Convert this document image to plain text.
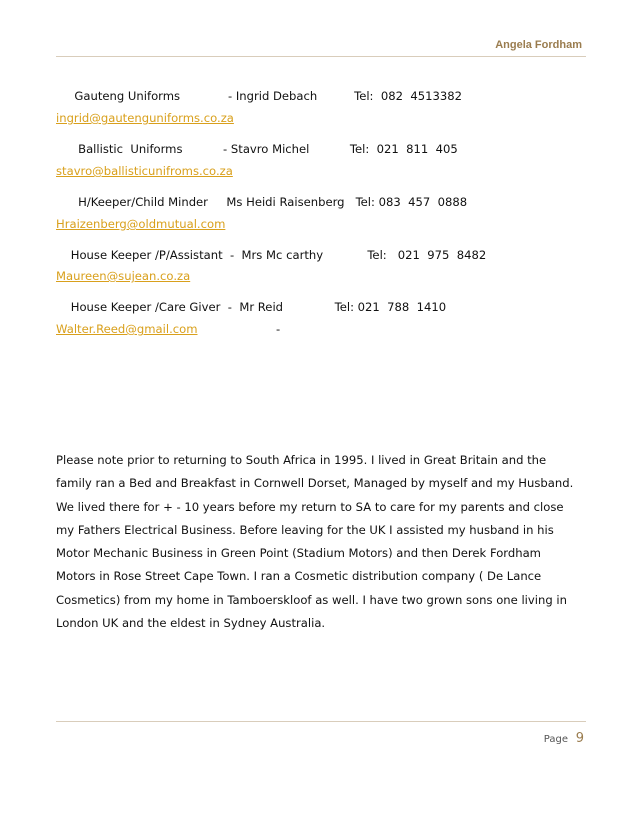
Angela Fordham
Gauteng Uniforms             - Ingrid Debach          Tel:  082  4513382
ingrid@gautenguniforms.co.za
Ballistic  Uniforms           - Stavro Michel           Tel:  021  811  405
stavro@ballisticunifroms.co.za
H/Keeper/Child Minder     Ms Heidi Raisenberg   Tel: 083  457  0888
Hraizenberg@oldmutual.com
House Keeper /P/Assistant  -  Mrs Mc carthy            Tel:   021  975  8482
Maureen@sujean.co.za
House Keeper /Care Giver  -  Mr Reid              Tel: 021  788  1410
Walter.Reed@gmail.com	-
Please note prior to returning to South Africa in 1995. I lived in Great Britain and the
family ran a Bed and Breakfast in Cornwell Dorset, Managed by myself and my Husband.
We lived there for + - 10 years before my return to SA to care for my parents and close
my Fathers Electrical Business. Before leaving for the UK I assisted my husband in his
Motor Mechanic Business in Green Point (Stadium Motors) and then Derek Fordham
Motors in Rose Street Cape Town. I ran a Cosmetic distribution company ( De Lance
Cosmetics) from my home in Tamboerskloof as well. I have two grown sons one living in
London UK and the eldest in Sydney Australia.
Page 9
